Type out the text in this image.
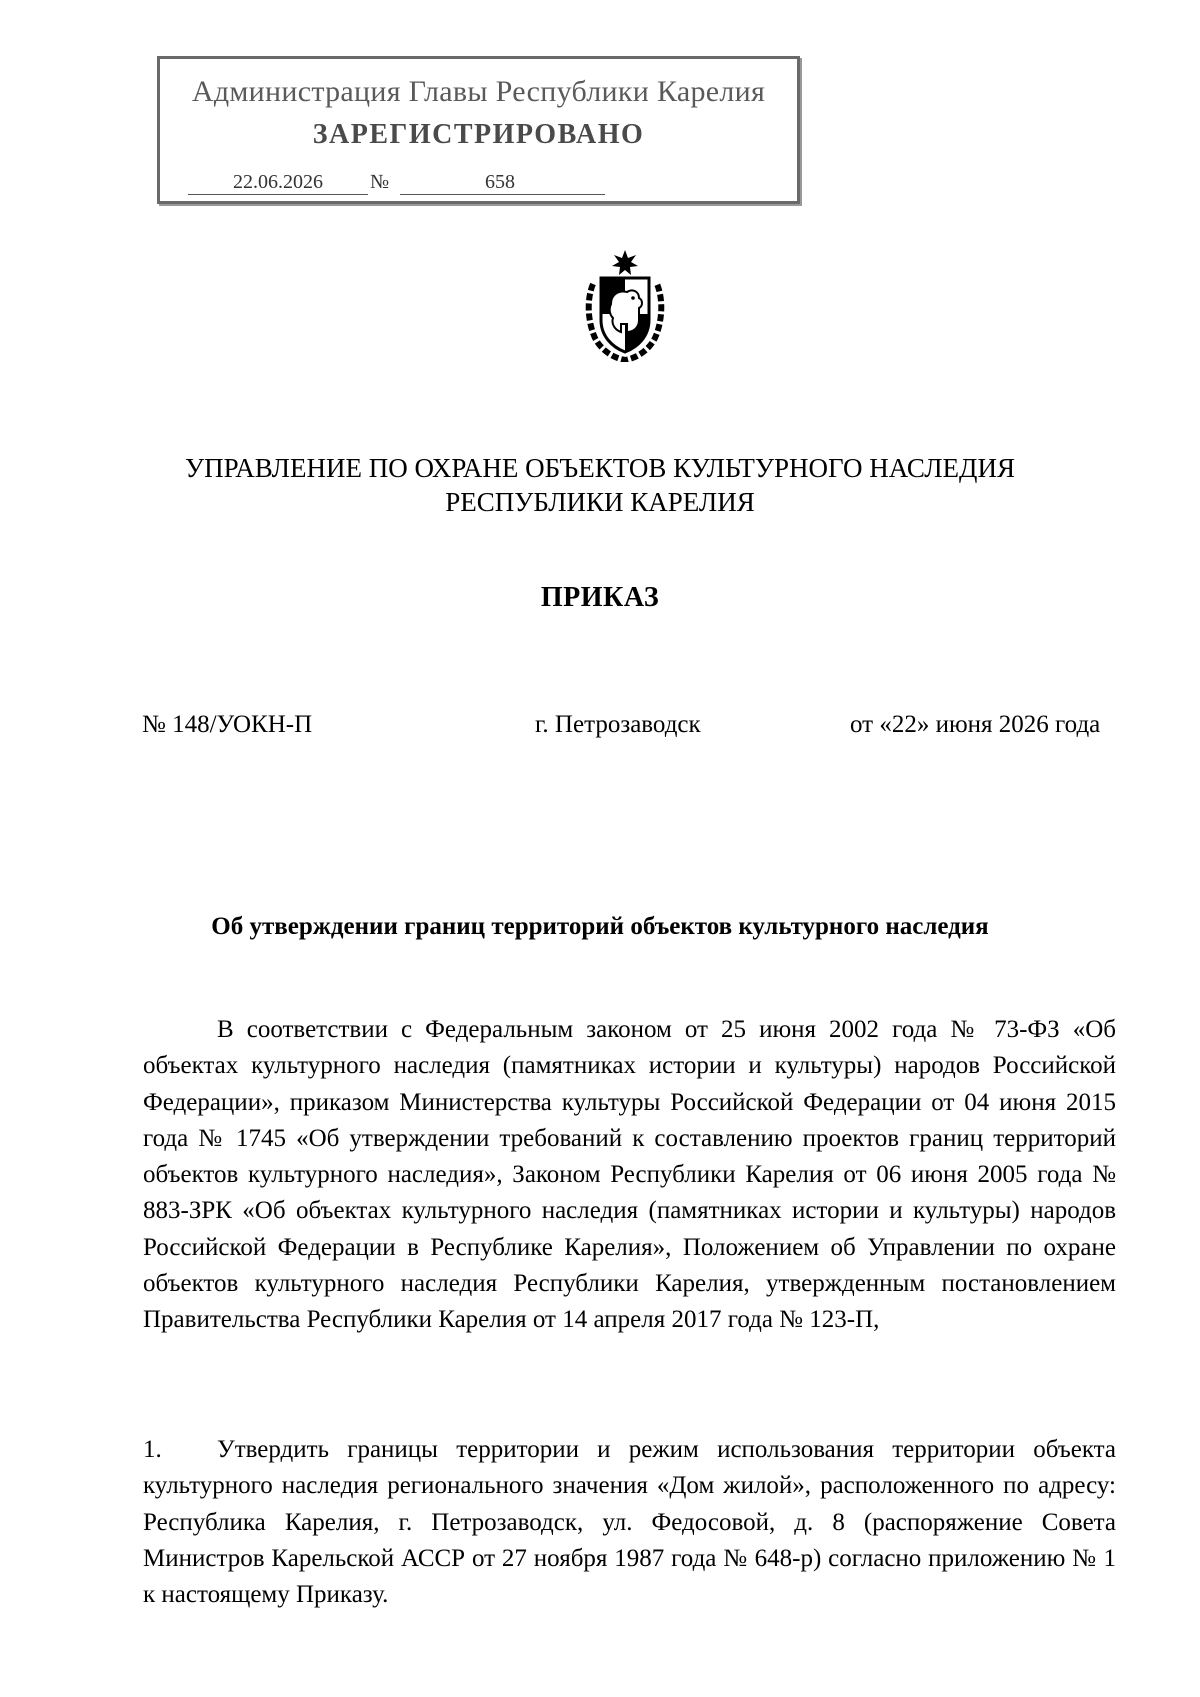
Администрация Главы Республики Карелия
ЗАРЕГИСТРИРОВАНО
22.06.2026	№	658
УПРАВЛЕНИЕ ПО ОХРАНЕ ОБЪЕКТОВ КУЛЬТУРНОГО НАСЛЕДИЯ
РЕСПУБЛИКИ КАРЕЛИЯ
ПРИКАЗ
№ 148/УОКН-П	г. Петрозаводск	от «22» июня 2026 года
Об утверждении границ территорий объектов культурного наследия

В соответствии с Федеральным законом от 25 июня 2002 года № 73-ФЗ «Об объектах культурного наследия (памятниках истории и культуры) народов Российской Федерации», приказом Министерства культуры Российской Федерации от 04 июня 2015 года № 1745 «Об утверждении требований к составлению проектов границ территорий объектов культурного наследия», Законом Республики Карелия от 06 июня 2005 года № 883-ЗРК «Об объектах культурного наследия (памятниках истории и культуры) народов Российской Федерации в Республике Карелия», Положением об Управлении по охране объектов культурного наследия Республики Карелия, утвержденным постановлением Правительства Республики Карелия от 14 апреля 2017 года № 123-П,

1. Утвердить границы территории и режим использования территории объекта культурного наследия регионального значения «Дом жилой», расположенного по адресу: Республика Карелия, г. Петрозаводск, ул. Федосовой, д. 8 (распоряжение Совета Министров Карельской АССР от 27 ноября 1987 года № 648-р) согласно приложению № 1 к настоящему Приказу.
